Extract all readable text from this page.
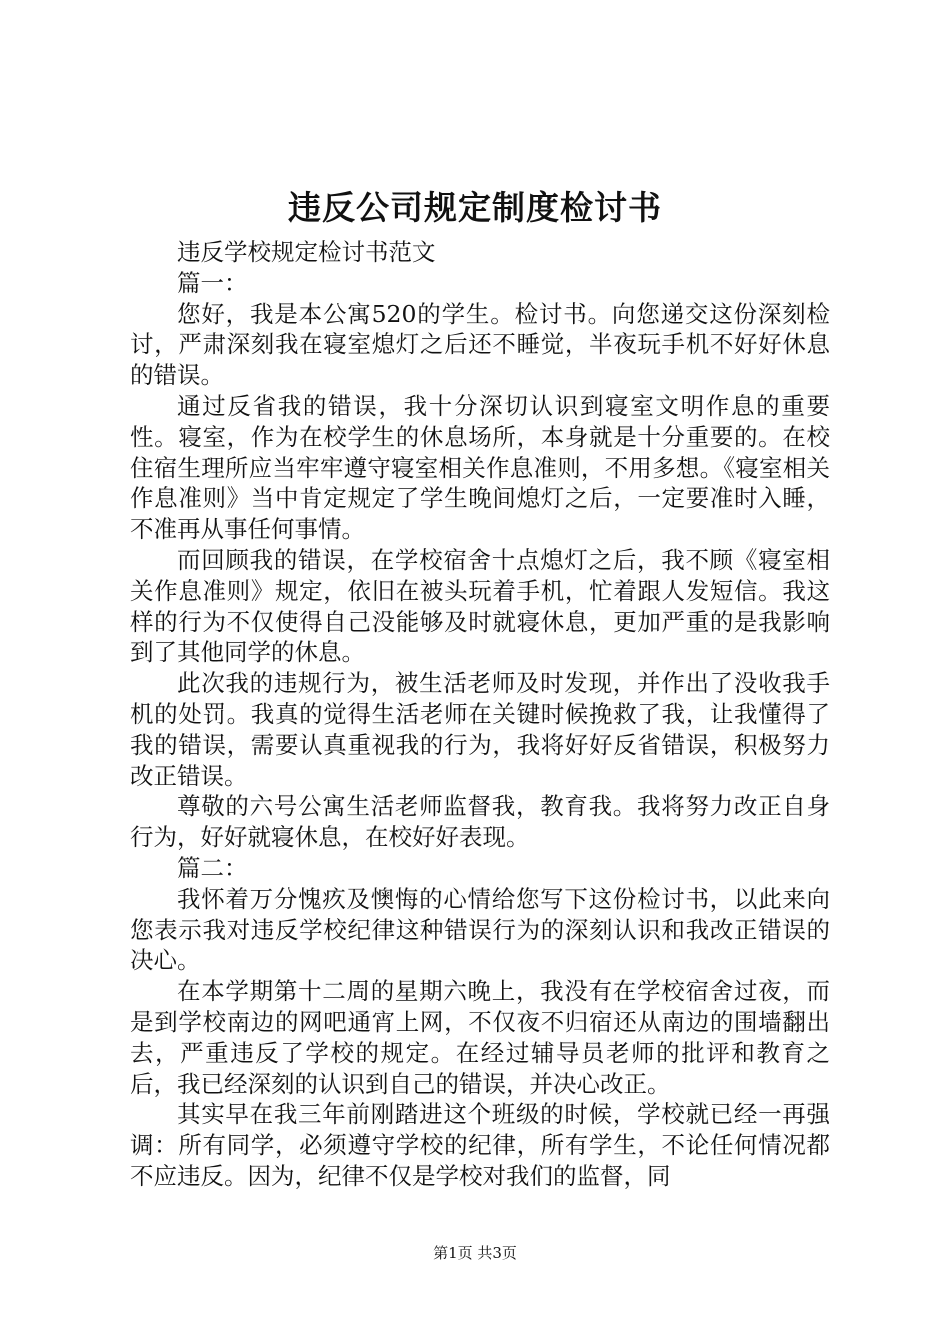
违反公司规定制度检讨书

违反学校规定检讨书范文

篇一：

您好，我是本公寓520的学生。检讨书。向您递交这份深刻检讨，严肃深刻我在寝室熄灯之后还不睡觉，半夜玩手机不好好休息的错误。

通过反省我的错误，我十分深切认识到寝室文明作息的重要性。寝室，作为在校学生的休息场所，本身就是十分重要的。在校住宿生理所应当牢牢遵守寝室相关作息准则，不用多想。《寝室相关作息准则》当中肯定规定了学生晚间熄灯之后，一定要准时入睡，不准再从事任何事情。

而回顾我的错误，在学校宿舍十点熄灯之后，我不顾《寝室相关作息准则》规定，依旧在被头玩着手机，忙着跟人发短信。我这样的行为不仅使得自己没能够及时就寝休息，更加严重的是我影响到了其他同学的休息。

此次我的违规行为，被生活老师及时发现，并作出了没收我手机的处罚。我真的觉得生活老师在关键时候挽救了我，让我懂得了我的错误，需要认真重视我的行为，我将好好反省错误，积极努力改正错误。

尊敬的六号公寓生活老师监督我，教育我。我将努力改正自身行为，好好就寝休息，在校好好表现。

篇二：

我怀着万分愧疚及懊悔的心情给您写下这份检讨书，以此来向您表示我对违反学校纪律这种错误行为的深刻认识和我改正错误的决心。

在本学期第十二周的星期六晚上，我没有在学校宿舍过夜，而是到学校南边的网吧通宵上网，不仅夜不归宿还从南边的围墙翻出去，严重违反了学校的规定。在经过辅导员老师的批评和教育之后，我已经深刻的认识到自己的错误，并决心改正。

其实早在我三年前刚踏进这个班级的时候，学校就已经一再强调：所有同学，必须遵守学校的纪律，所有学生，不论任何情况都不应违反。因为，纪律不仅是学校对我们的监督，同

第1页 共3页
